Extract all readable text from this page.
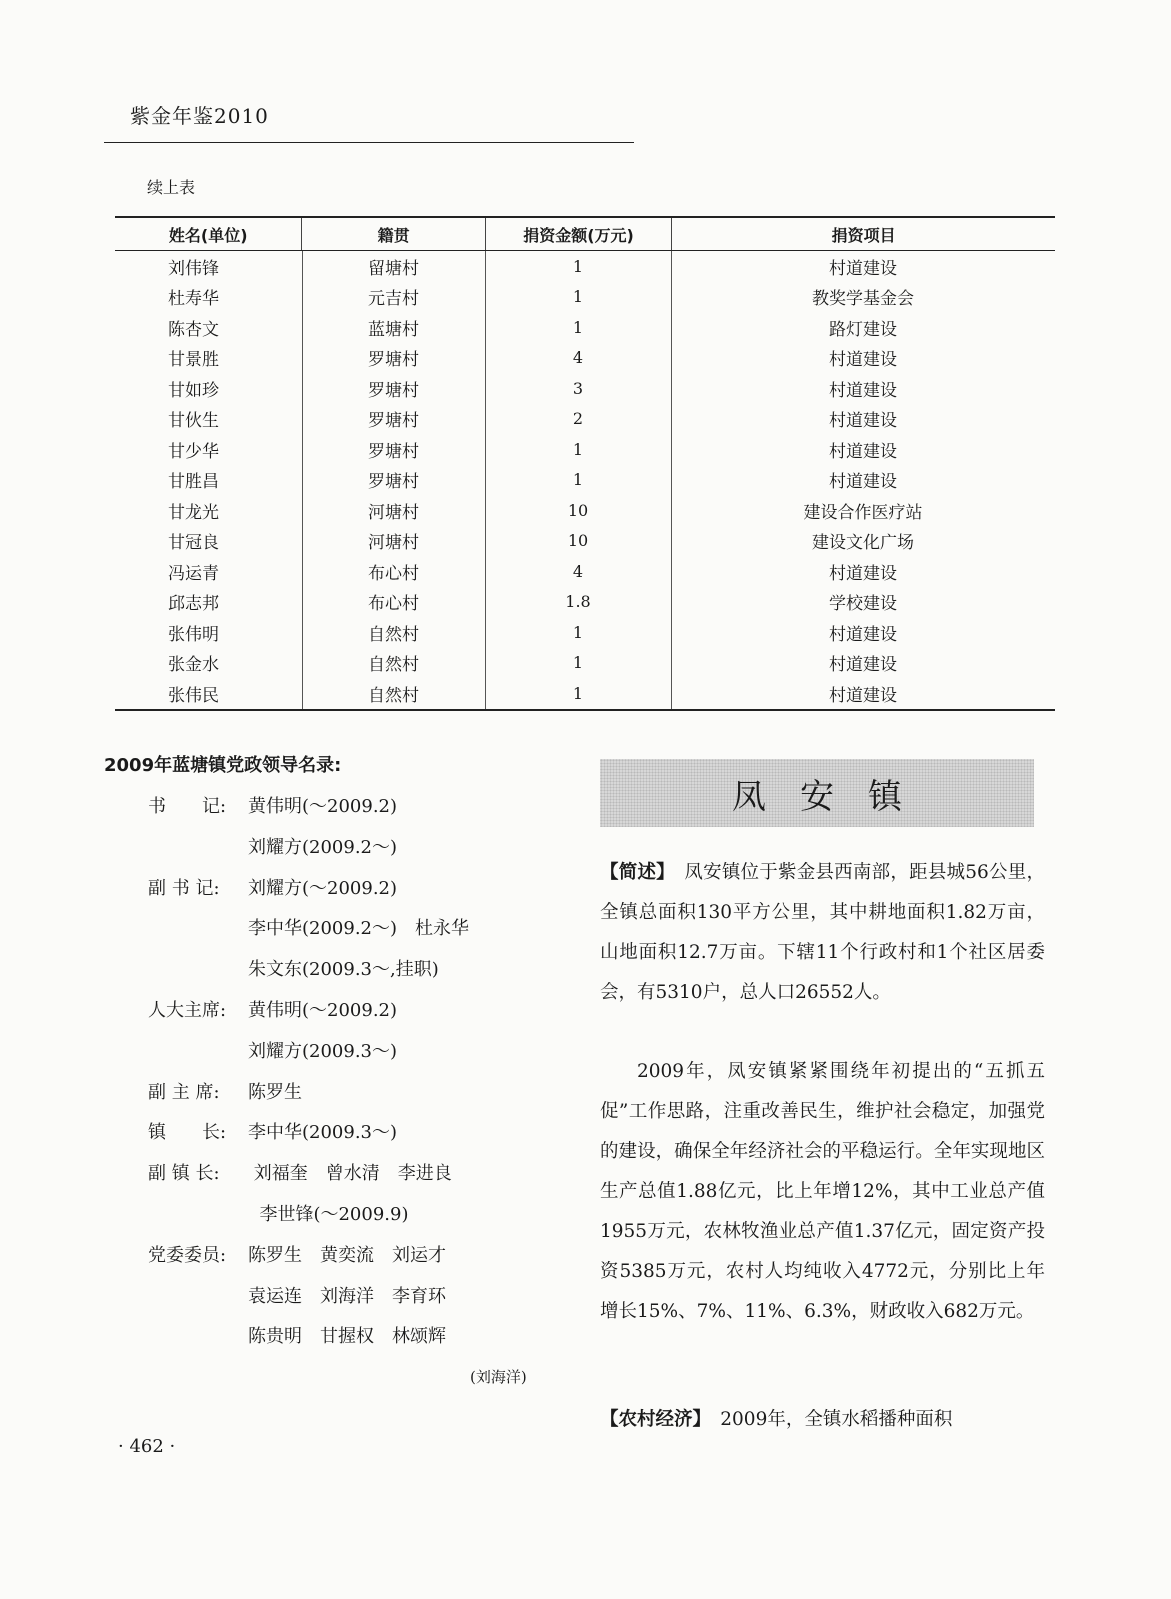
紫金年鉴2010
续上表
姓名(单位)	籍贯	捐资金额(万元)	捐资项目
刘伟锋	留塘村	1	村道建设
杜寿华	元吉村	1	教奖学基金会
陈杏文	蓝塘村	1	路灯建设
甘景胜	罗塘村	4	村道建设
甘如珍	罗塘村	3	村道建设
甘伙生	罗塘村	2	村道建设
甘少华	罗塘村	1	村道建设
甘胜昌	罗塘村	1	村道建设
甘龙光	河塘村	10	建设合作医疗站
甘冠良	河塘村	10	建设文化广场
冯运青	布心村	4	村道建设
邱志邦	布心村	1.8	学校建设
张伟明	自然村	1	村道建设
张金水	自然村	1	村道建设
张伟民	自然村	1	村道建设
2009年蓝塘镇党政领导名录:
书　　记: 黄伟明(～2009.2)
刘耀方(2009.2～)
副 书 记: 刘耀方(～2009.2)
李中华(2009.2～)　杜永华
朱文东(2009.3～,挂职)
人大主席: 黄伟明(～2009.2)
刘耀方(2009.3～)
副 主 席: 陈罗生
镇　　长: 李中华(2009.3～)
副 镇 长: 刘福奎　曾水清　李进良
李世锋(～2009.9)
党委委员: 陈罗生　黄奕流　刘运才
袁运连　刘海洋　李育环
陈贵明　甘握权　林颂辉
(刘海洋)
· 462 ·
凤安镇
【简述】　凤安镇位于紫金县西南部，距县城56公里，全镇总面积130平方公里，其中耕地面积1.82万亩，山地面积12.7万亩。下辖11个行政村和1个社区居委会，有5310户，总人口26552人。
2009年，凤安镇紧紧围绕年初提出的“五抓五促”工作思路，注重改善民生，维护社会稳定，加强党的建设，确保全年经济社会的平稳运行。全年实现地区生产总值1.88亿元，比上年增12%，其中工业总产值1955万元，农林牧渔业总产值1.37亿元，固定资产投资5385万元，农村人均纯收入4772元，分别比上年增长15%、7%、11%、6.3%，财政收入682万元。
【农村经济】　2009年，全镇水稻播种面积
